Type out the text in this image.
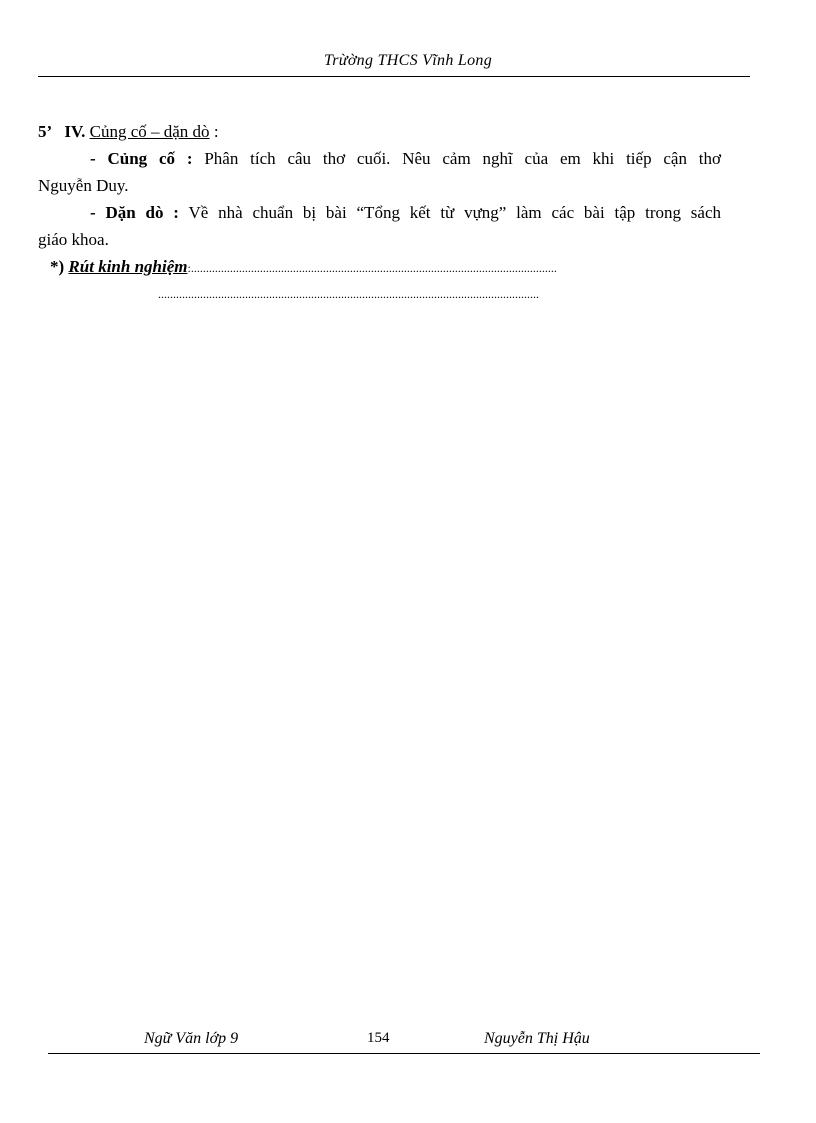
Trừờng THCS Vĩnh Long
5’ IV. Củng cố – dặn dò :
- Củng cố : Phân tích câu thơ cuối. Nêu cảm nghĩ của em khi tiếp cận thơ
Nguyễn Duy.
- Dặn dò : Về nhà chuẩn bị bài “Tổng kết từ vựng” làm các bài tập trong sách
giáo khoa.
*) Rút kinh nghiệm:..........................................................................................................................
...............................................................................................................................
Ngữ Văn lớp 9	154	Nguyễn Thị Hậu
